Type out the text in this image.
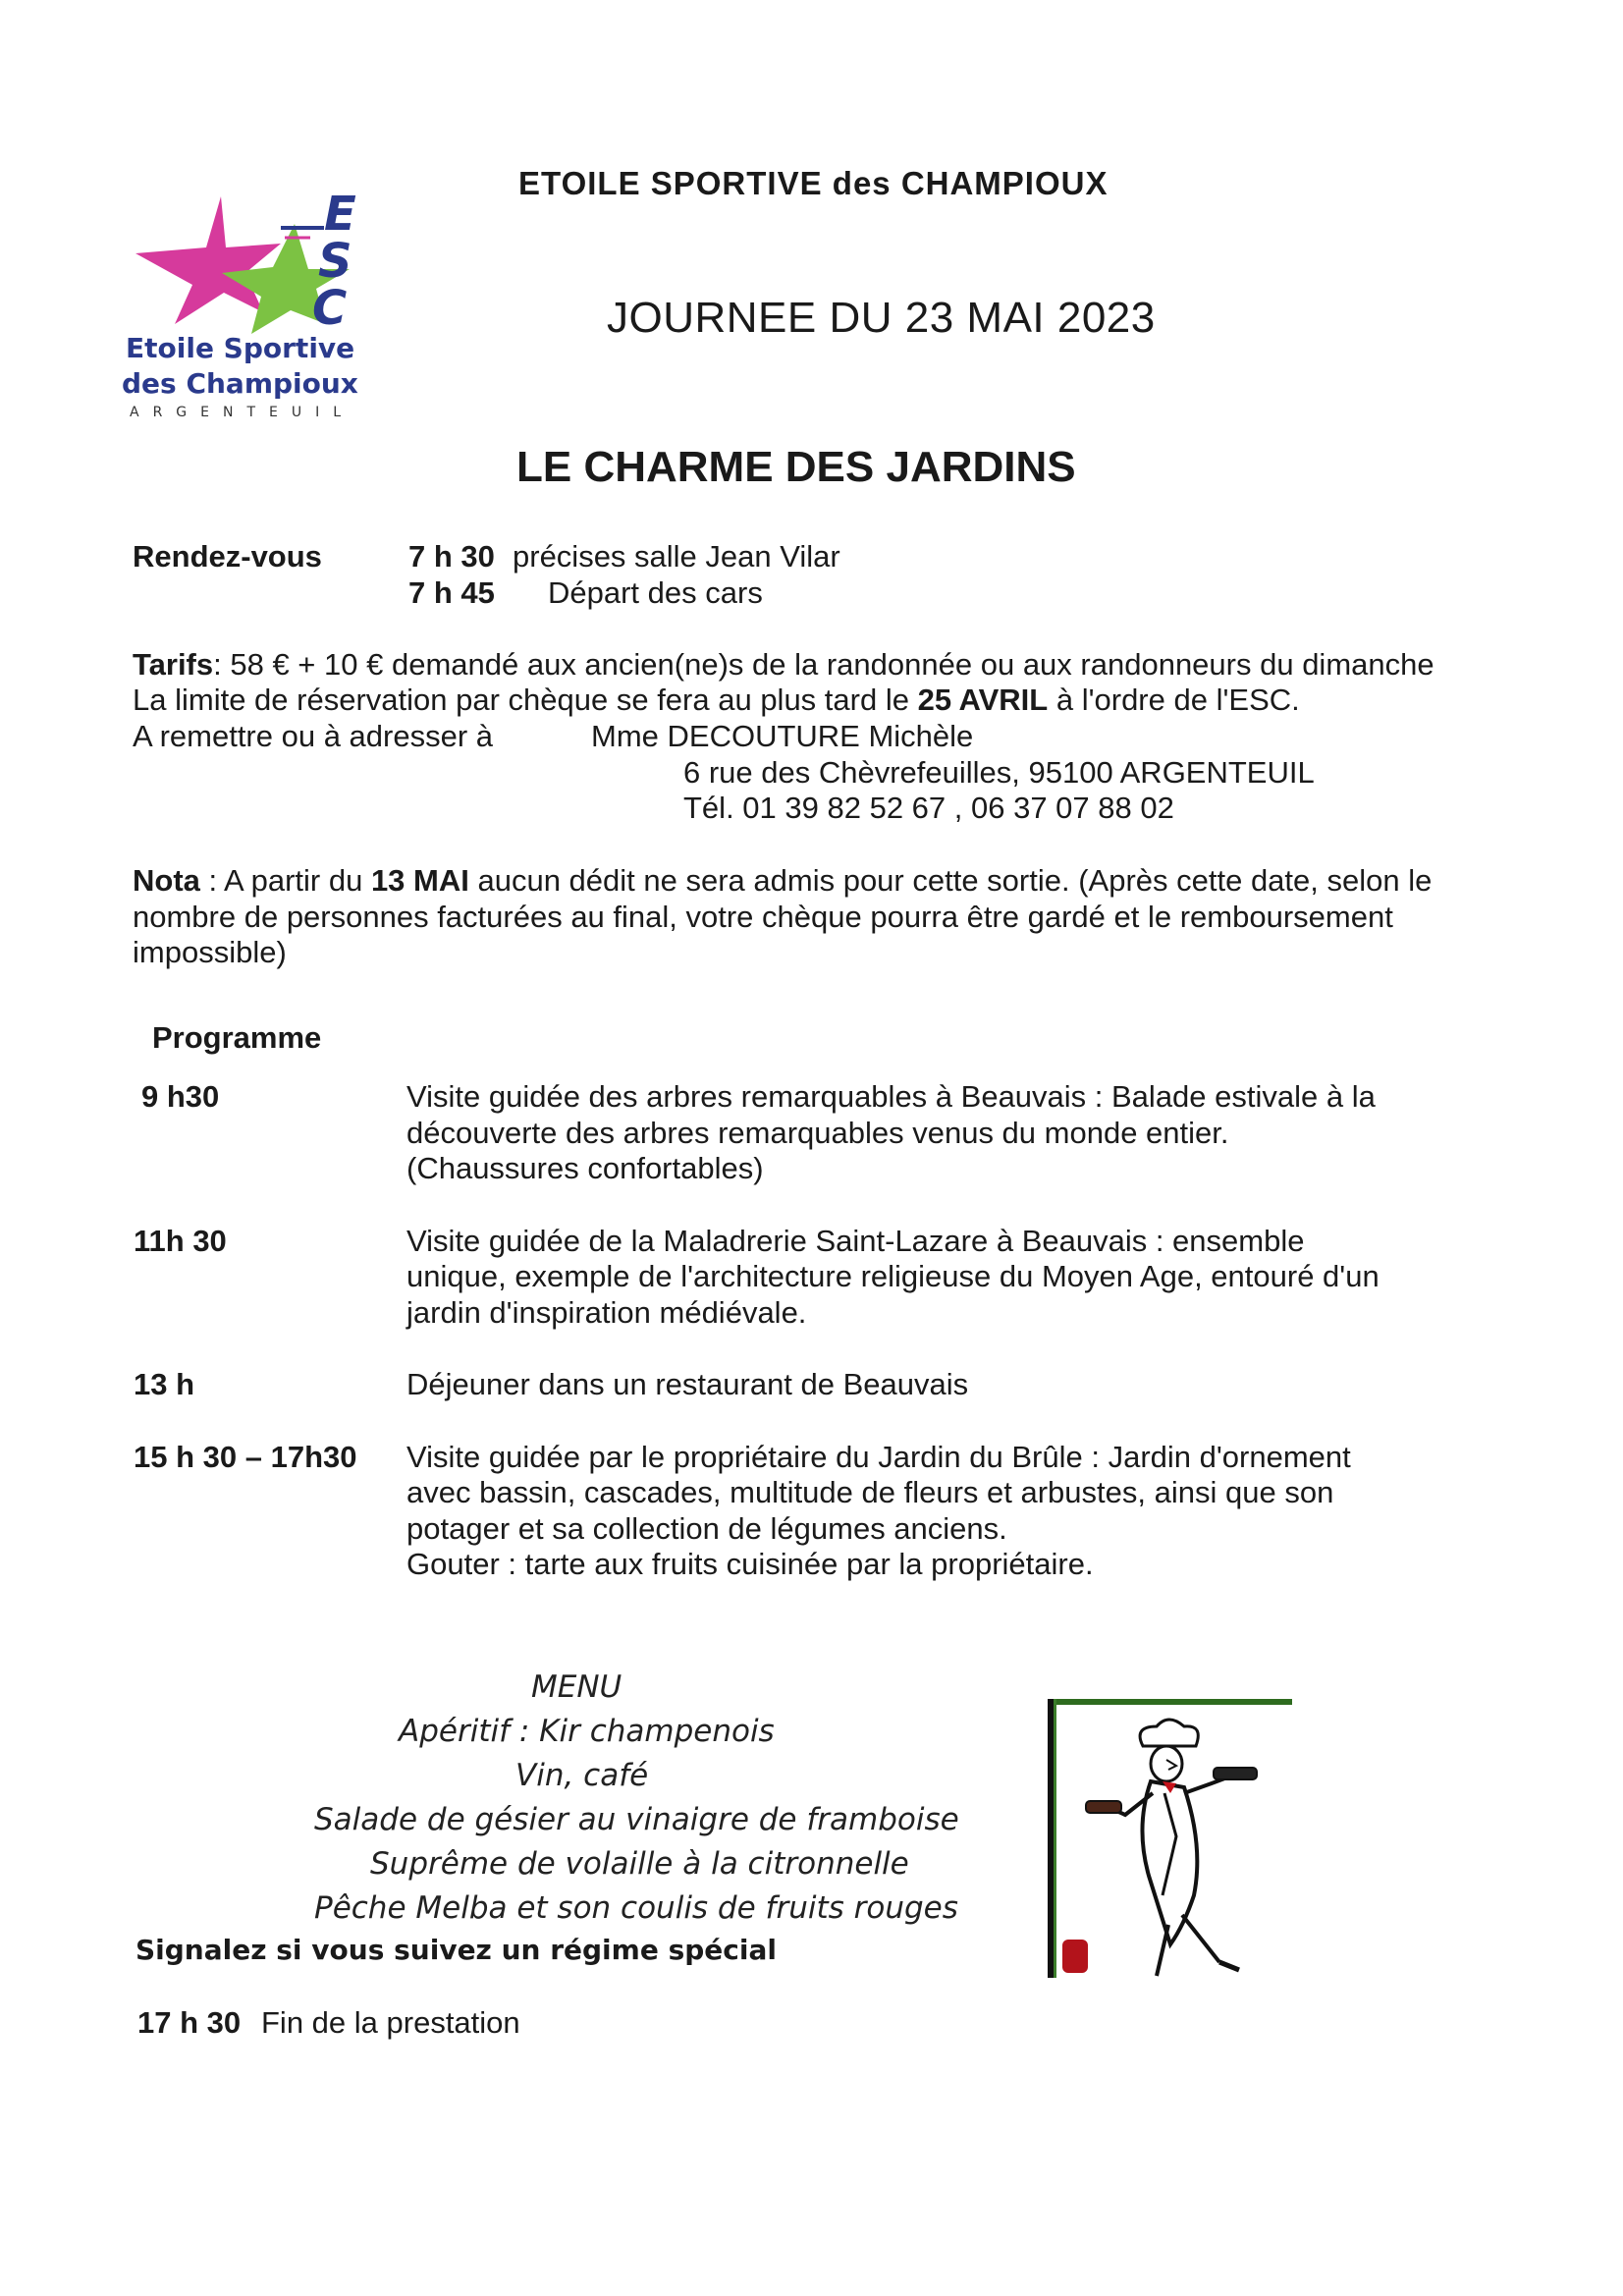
E
S
C
Etoile Sportive
des Champioux
ARGENTEUIL
ETOILE SPORTIVE des CHAMPIOUX
JOURNEE DU 23 MAI 2023
LE CHARME DES JARDINS
Rendez-vous	7 h 30 précises salle Jean Vilar
7 h 45 Départ des cars
Tarifs: 58 € + 10 € demandé aux ancien(ne)s de la randonnée ou aux randonneurs du dimanche
La limite de réservation par chèque se fera au plus tard le 25 AVRIL à l'ordre de l'ESC.
A remettre ou à adresser à	Mme DECOUTURE Michèle
6 rue des Chèvrefeuilles, 95100 ARGENTEUIL
Tél. 01 39 82 52 67 , 06 37 07 88 02
Nota : A partir du 13 MAI aucun dédit ne sera admis pour cette sortie. (Après cette date, selon le
nombre de personnes facturées au final, votre chèque pourra être gardé et le remboursement
impossible)
Programme
9 h30	Visite guidée des arbres remarquables à Beauvais : Balade estivale à la
découverte des arbres remarquables venus du monde entier.
(Chaussures confortables)
11h 30	Visite guidée de la Maladrerie Saint-Lazare à Beauvais : ensemble
unique, exemple de l'architecture religieuse du Moyen Age, entouré d'un
jardin d'inspiration médiévale.
13 h	Déjeuner dans un restaurant de Beauvais
15 h 30 – 17h30 Visite guidée par le propriétaire du Jardin du Brûle : Jardin d'ornement
avec bassin, cascades, multitude de fleurs et arbustes, ainsi que son
potager et sa collection de légumes anciens.
Gouter : tarte aux fruits cuisinée par la propriétaire.
MENU
Apéritif : Kir champenois
Vin, café
Salade de gésier au vinaigre de framboise
Suprême de volaille à la citronnelle
Pêche Melba et son coulis de fruits rouges
Signalez si vous suivez un régime spécial
17 h 30 Fin de la prestation
